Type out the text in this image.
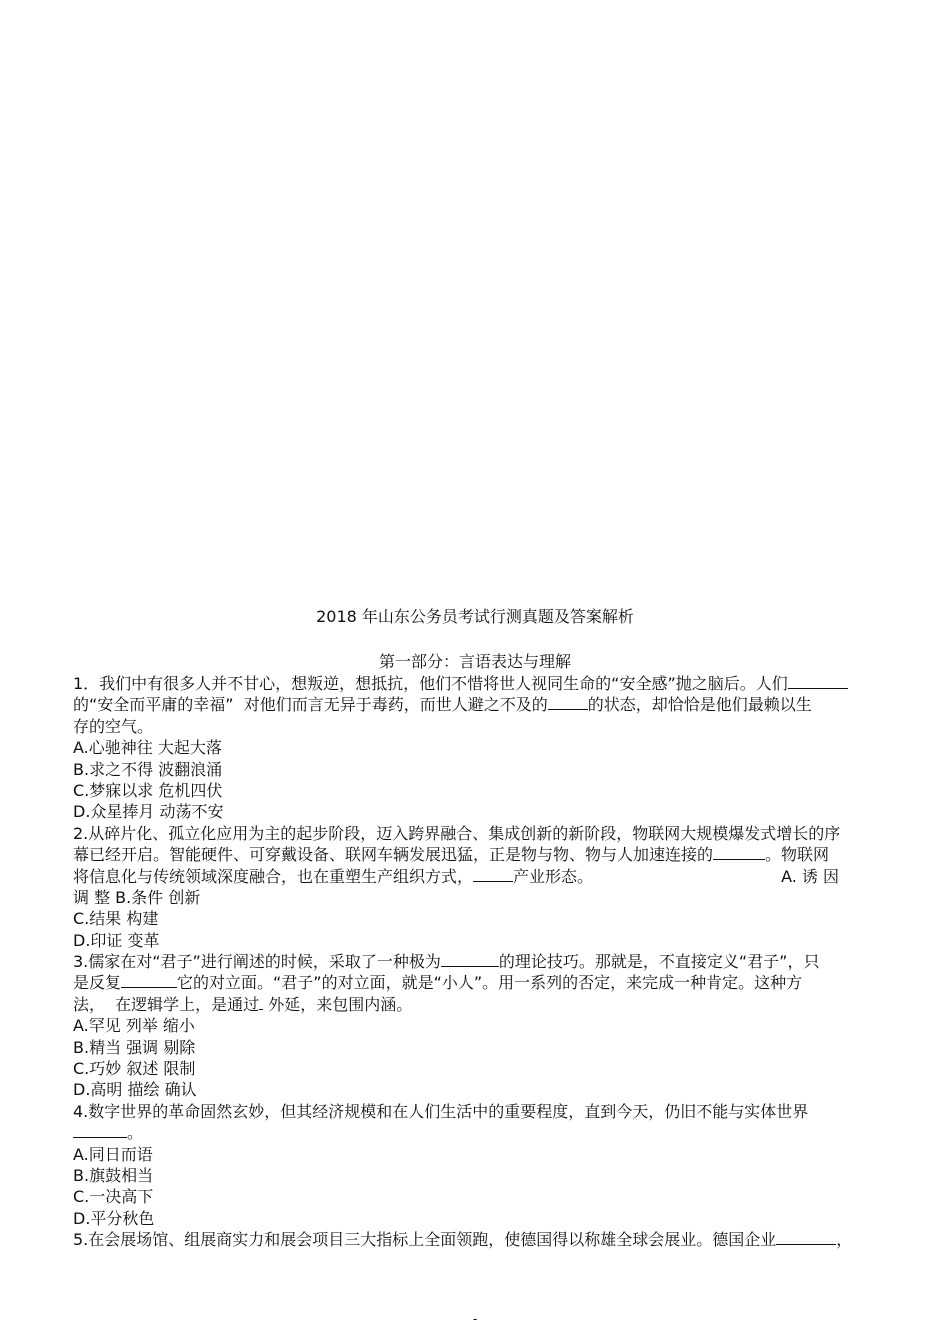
2018 年山东公务员考试行测真题及答案解析
第一部分：言语表达与理解
1．我们中有很多人并不甘心，想叛逆，想抵抗，他们不惜将世人视同生命的“安全感”抛之脑后。人们
的“安全而平庸的幸福”  对他们而言无异于毒药，而世人避之不及的	的状态，却恰恰是他们最赖以生
存的空气。
A.心驰神往 大起大落
B.求之不得 波翻浪涌
C.梦寐以求 危机四伏
D.众星捧月 动荡不安
2.从碎片化、孤立化应用为主的起步阶段，迈入跨界融合、集成创新的新阶段，物联网大规模爆发式增长的序
幕已经开启。智能硬件、可穿戴设备、联网车辆发展迅猛，正是物与物、物与人加速连接的	。物联网
将信息化与传统领域深度融合，也在重塑生产组织方式，	产业形态。	A. 诱 因
调 整 B.条件 创新
C.结果 构建
D.印证 变革
3.儒家在对“君子”进行阐述的时候，采取了一种极为	的理论技巧。那就是，不直接定义“君子”，只
是反复	它的对立面。“君子”的对立面，就是“小人”。用一系列的否定，来完成一种肯定。这种方
法，  在逻辑学上，是通过 外延，来包围内涵。
A.罕见 列举 缩小
B.精当 强调 剔除
C.巧妙 叙述 限制
D.高明 描绘 确认
4.数字世界的革命固然玄妙，但其经济规模和在人们生活中的重要程度，直到今天，仍旧不能与实体世界
。
A.同日而语
B.旗鼓相当
C.一决高下
D.平分秋色
5.在会展场馆、组展商实力和展会项目三大指标上全面领跑，使德国得以称雄全球会展业。德国企业	，
-
